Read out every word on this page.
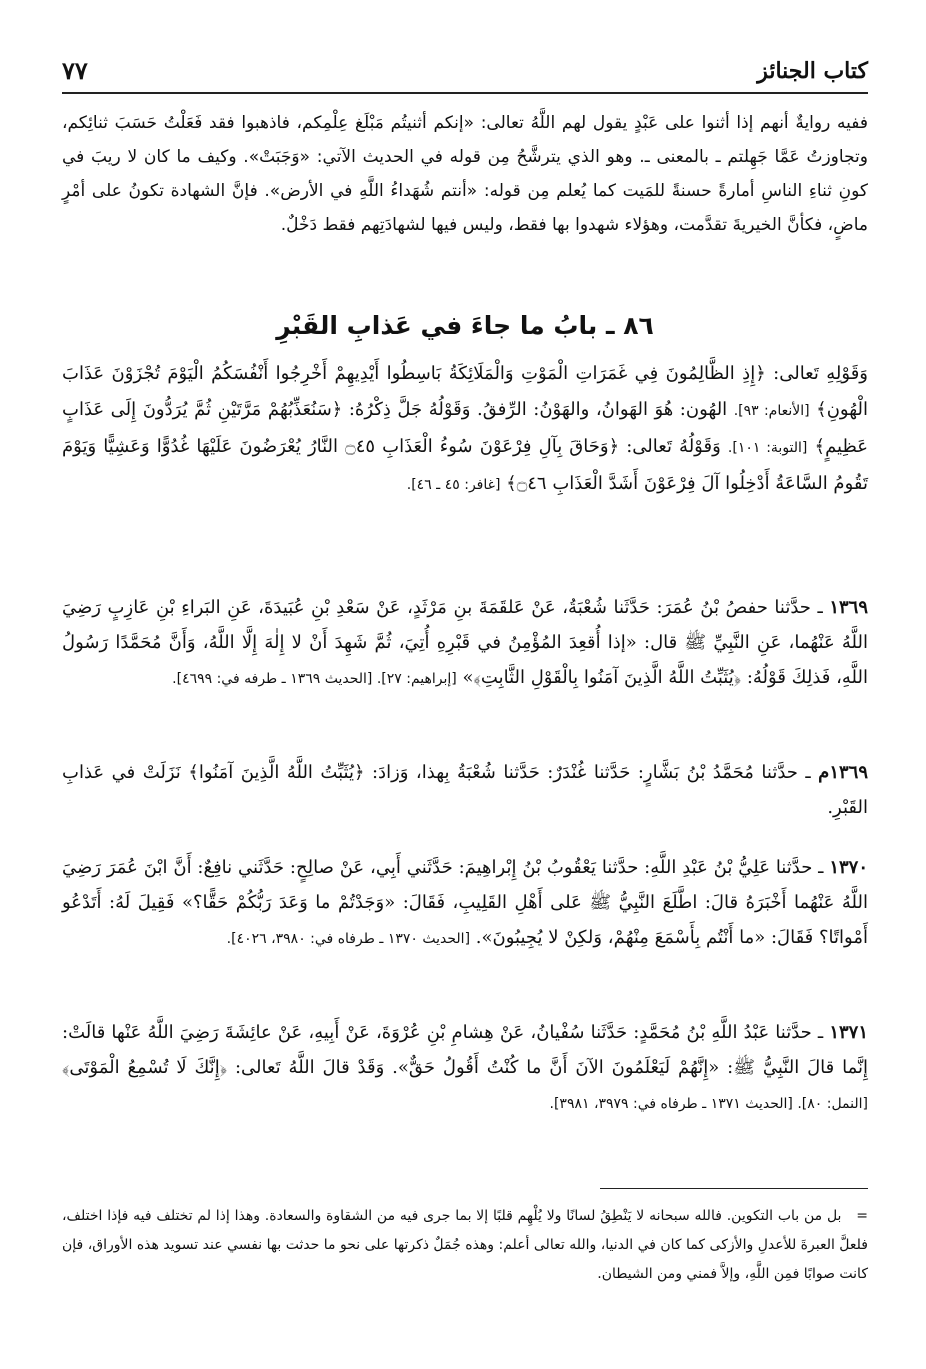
كتاب الجنائز
٧٧
ففيه روايةٌ أنهم إذا أثنوا على عَبْدٍ يقول لهم اللَّهُ تعالى: «إنكم أثنيتُم مَبْلَغ عِلْمِكم، فاذهبوا فقد فَعَلْتُ حَسَبَ ثنائِكم، وتجاوزتُ عَمَّا جَهِلتم ـ بالمعنى ـ. وهو الذي يترشَّحُ مِن قوله في الحديث الآتي: «وَجَبَتْ». وكيف ما كان لا ريبَ في كونِ ثناءِ الناسِ أمارةً حسنةً للمَيت كما يُعلم مِن قوله: «أنتم شُهَداءُ اللَّهِ في الأرض». فإنَّ الشهادة تكونُ على أمْرٍ ماضٍ، فكأنَّ الخيريةَ تقدَّمت، وهؤلاء شهدوا بها فقط، وليس فيها لشهادَتِهم فقط دَخْلٌ.
٨٦ ـ بابُ ما جاءَ في عَذابِ القَبْرِ
وَقَوْلِهِ تَعالى: ﴿إِذِ الظَّالِمُونَ فِي غَمَرَاتِ الْمَوْتِ وَالْمَلَائِكَةُ بَاسِطُوا أَيْدِيهِمْ أَخْرِجُوا أَنْفُسَكُمُ الْيَوْمَ تُجْزَوْنَ عَذَابَ الْهُونِ﴾ [الأنعام: ٩٣]. الهُون: هُوَ الهَوانُ، والهَوْنُ: الرِّفقُ. وَقَوْلُهُ جَلَّ ذِكْرُهُ: ﴿سَنُعَذِّبُهُمْ مَرَّتَيْنِ ثُمَّ يُرَدُّونَ إِلَى عَذَابٍ عَظِيمٍ﴾ [التوبة: ١٠١]. وَقَوْلُهُ تَعالى: ﴿وَحَاقَ بِآلِ فِرْعَوْنَ سُوءُ الْعَذَابِ ۝٤٥ النَّارُ يُعْرَضُونَ عَلَيْهَا غُدُوًّا وَعَشِيًّا وَيَوْمَ تَقُومُ السَّاعَةُ أَدْخِلُوا آلَ فِرْعَوْنَ أَشَدَّ الْعَذَابِ ۝٤٦﴾ [غافر: ٤٥ ـ ٤٦].
١٣٦٩ ـ حدَّثنا حفصُ بْنُ عُمَرَ: حَدَّثَنا شُعْبَةُ، عَنْ عَلقَمَةَ بنِ مَرْثَدٍ، عَنْ سَعْدِ بْنِ عُبَيدَةَ، عَنِ البَراءِ بْنِ عَازِبٍ رَضِيَ اللَّهُ عَنْهُما، عَنِ النَّبِيِّ ﷺ قال: «إذا أُقعِدَ المُؤْمِنُ في قَبْرِهِ أُتِيَ، ثُمَّ شَهِدَ أَنْ لا إِلٰهَ إِلَّا اللَّهُ، وَأَنَّ مُحَمَّدًا رَسُولُ اللَّهِ، فَذلِكَ قَوْلُهُ: ﴿يُثَبِّتُ اللَّهُ الَّذِينَ آمَنُوا بِالْقَوْلِ الثَّابِتِ﴾» [إبراهيم: ٢٧]. [الحديث ١٣٦٩ ـ طرفه في: ٤٦٩٩].
١٣٦٩م ـ حدَّثنا مُحَمَّدُ بْنُ بَشَّارٍ: حَدَّثنا غُنْدَرٌ: حَدَّثنا شُعْبَةُ بِهذا، وَزادَ: ﴿يُثَبِّتُ اللَّهُ الَّذِينَ آمَنُوا﴾ نَزَلَتْ في عَذابِ القَبْرِ.
١٣٧٠ ـ حدَّثنا عَلِيُّ بْنُ عَبْدِ اللَّهِ: حدَّثنا يَعْقُوبُ بْنُ إِبْراهِيمَ: حَدَّثَني أَبِي، عَنْ صالِحٍ: حَدَّثَني نافِعٌ: أَنَّ ابْنَ عُمَرَ رَضِيَ اللَّهُ عَنْهُما أَخْبَرَهُ قالَ: اطَّلَعَ النَّبِيُّ ﷺ عَلى أَهْلِ القَلِيبِ، فَقَالَ: «وَجَدْتُمْ ما وَعَدَ رَبُّكُمْ حَقًّا؟» فَقِيلَ لَهُ: أَتَدْعُو أَمْواتًا؟ فَقَالَ: «ما أَنْتُم بِأَسْمَعَ مِنْهُمْ، وَلكِنْ لا يُجِيبُونَ». [الحديث ١٣٧٠ ـ طرفاه في: ٣٩٨٠، ٤٠٢٦].
١٣٧١ ـ حدَّثنا عَبْدُ اللَّهِ بْنُ مُحَمَّدٍ: حَدَّثَنا سُفْيانُ، عَنْ هِشامِ بْنِ عُرْوَةَ، عَنْ أَبِيهِ، عَنْ عائِشَةَ رَضِيَ اللَّهُ عَنْها قالَتْ: إِنَّما قالَ النَّبِيُّ ﷺ: «إِنَّهُمْ لَيَعْلَمُونَ الآنَ أَنَّ ما كُنْتُ أَقُولُ حَقٌّ». وَقَدْ قالَ اللَّهُ تَعالى: ﴿إِنَّكَ لَا تُسْمِعُ الْمَوْتَى﴾ [النمل: ٨٠]. [الحديث ١٣٧١ ـ طرفاه في: ٣٩٧٩، ٣٩٨١].
= بل من باب التكوين. فالله سبحانه لا يَنْطِقُ لسانًا ولا يُلْهِم قلبًا إلا بما جرى فيه من الشقاوة والسعادة. وهذا إذا لم تختلف فيه فإذا اختلف، فلعلَّ العبرةَ للأعدلِ والأزكى كما كان في الدنيا، والله تعالى أعلم: وهذه جُمَلٌ ذكرتها على نحو ما حدثت بها نفسي عند تسويد هذه الأوراق، فإن كانت صوابًا فمِن اللَّهِ، وإلاَّ فمني ومن الشيطان.
